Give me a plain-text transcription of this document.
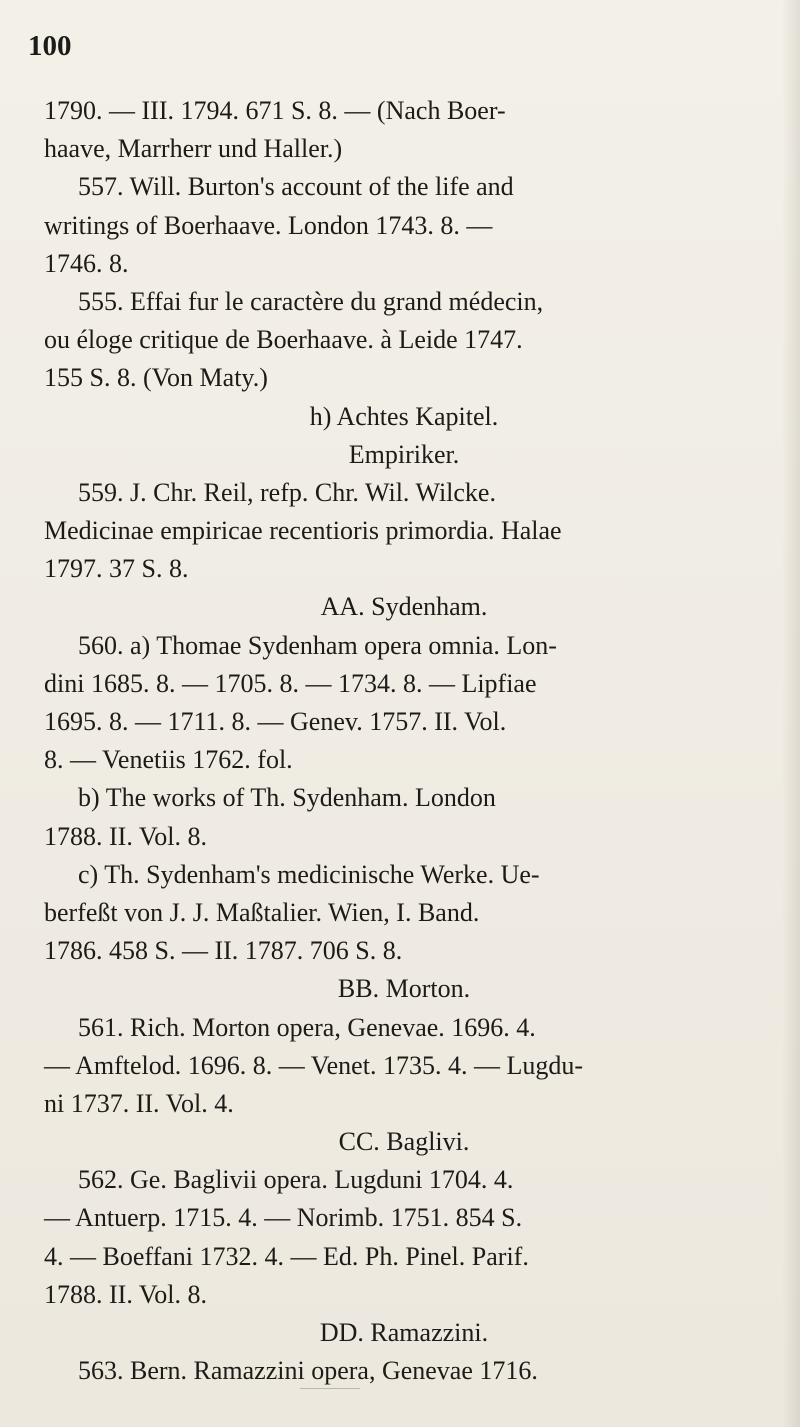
100
1790. — III. 1794. 671 S. 8. — (Nach Boer-
haave, Marrherr und Haller.)
557. Will. Burton's account of the life and
writings of Boerhaave. London 1743. 8. —
1746. 8.
555. Effai fur le caractère du grand médecin,
ou éloge critique de Boerhaave. à Leide 1747.
155 S. 8. (Von Maty.)
h) Achtes Kapitel.
Empiriker.
559. J. Chr. Reil, refp. Chr. Wil. Wilcke.
Medicinae empiricae recentioris primordia. Halae
1797. 37 S. 8.
AA. Sydenham.
560. a) Thomae Sydenham opera omnia. Lon-
dini 1685. 8. — 1705. 8. — 1734. 8. — Lipfiae
1695. 8. — 1711. 8. — Genev. 1757. II. Vol.
8. — Venetiis 1762. fol.
b) The works of Th. Sydenham. London
1788. II. Vol. 8.
c) Th. Sydenham's medicinische Werke. Ue-
berfeßt von J. J. Maßtalier. Wien, I. Band.
1786. 458 S. — II. 1787. 706 S. 8.
BB. Morton.
561. Rich. Morton opera, Genevae. 1696. 4.
— Amftelod. 1696. 8. — Venet. 1735. 4. — Lugdu-
ni 1737. II. Vol. 4.
CC. Baglivi.
562. Ge. Baglivii opera. Lugduni 1704. 4.
— Antuerp. 1715. 4. — Norimb. 1751. 854 S.
4. — Boeffani 1732. 4. — Ed. Ph. Pinel. Parif.
1788. II. Vol. 8.
DD. Ramazzini.
563. Bern. Ramazzini opera, Genevae 1716.
